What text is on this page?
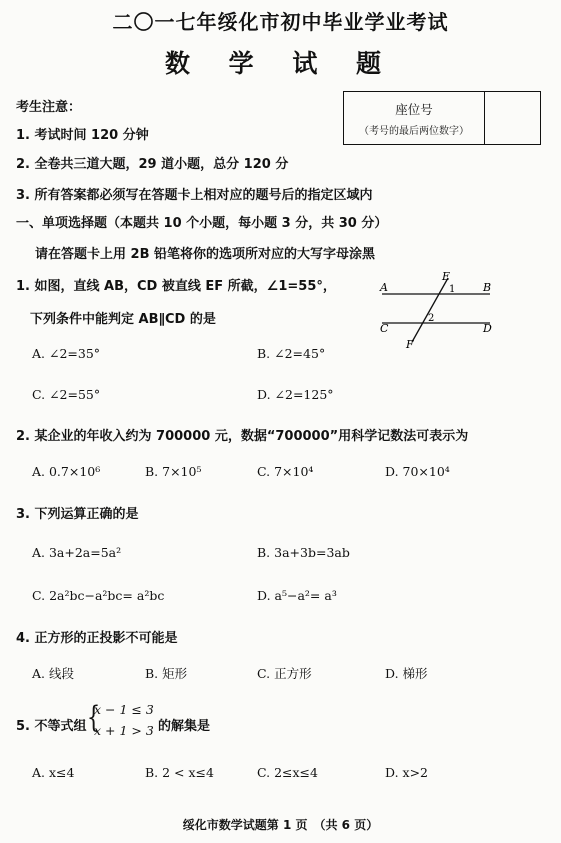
二〇一七年绥化市初中毕业学业考试
数 学 试 题
考生注意：
1. 考试时间 120 分钟
2. 全卷共三道大题，29 道小题，总分 120 分
3. 所有答案都必须写在答题卡上相对应的题号后的指定区域内
座位号
（考号的最后两位数字）
一、单项选择题（本题共 10 个小题，每小题 3 分，共 30 分）
请在答题卡上用 2B 铅笔将你的选项所对应的大写字母涂黑
1. 如图，直线 AB，CD 被直线 EF 所截，∠1=55°，
下列条件中能判定 AB∥CD 的是
A. ∠2=35°	B. ∠2=45°
C. ∠2=55°	D. ∠2=125°
E
A	B
1
C	D
2
F
2. 某企业的年收入约为 700000 元，数据“700000”用科学记数法可表示为
A. 0.7×10⁶	B. 7×10⁵	C. 7×10⁴	D. 70×10⁴
3. 下列运算正确的是
A. 3a+2a=5a²	B. 3a+3b=3ab
C. 2a²bc−a²bc= a²bc	D. a⁵−a²= a³
4. 正方形的正投影不可能是
A. 线段	B. 矩形	C. 正方形	D. 梯形
5. 不等式组 {
x − 1 ≤ 3
x + 1 > 3 的解集是
A. x≤4	B. 2 < x≤4	C. 2≤x≤4	D. x>2
绥化市数学试题第 1 页　（共 6 页）
